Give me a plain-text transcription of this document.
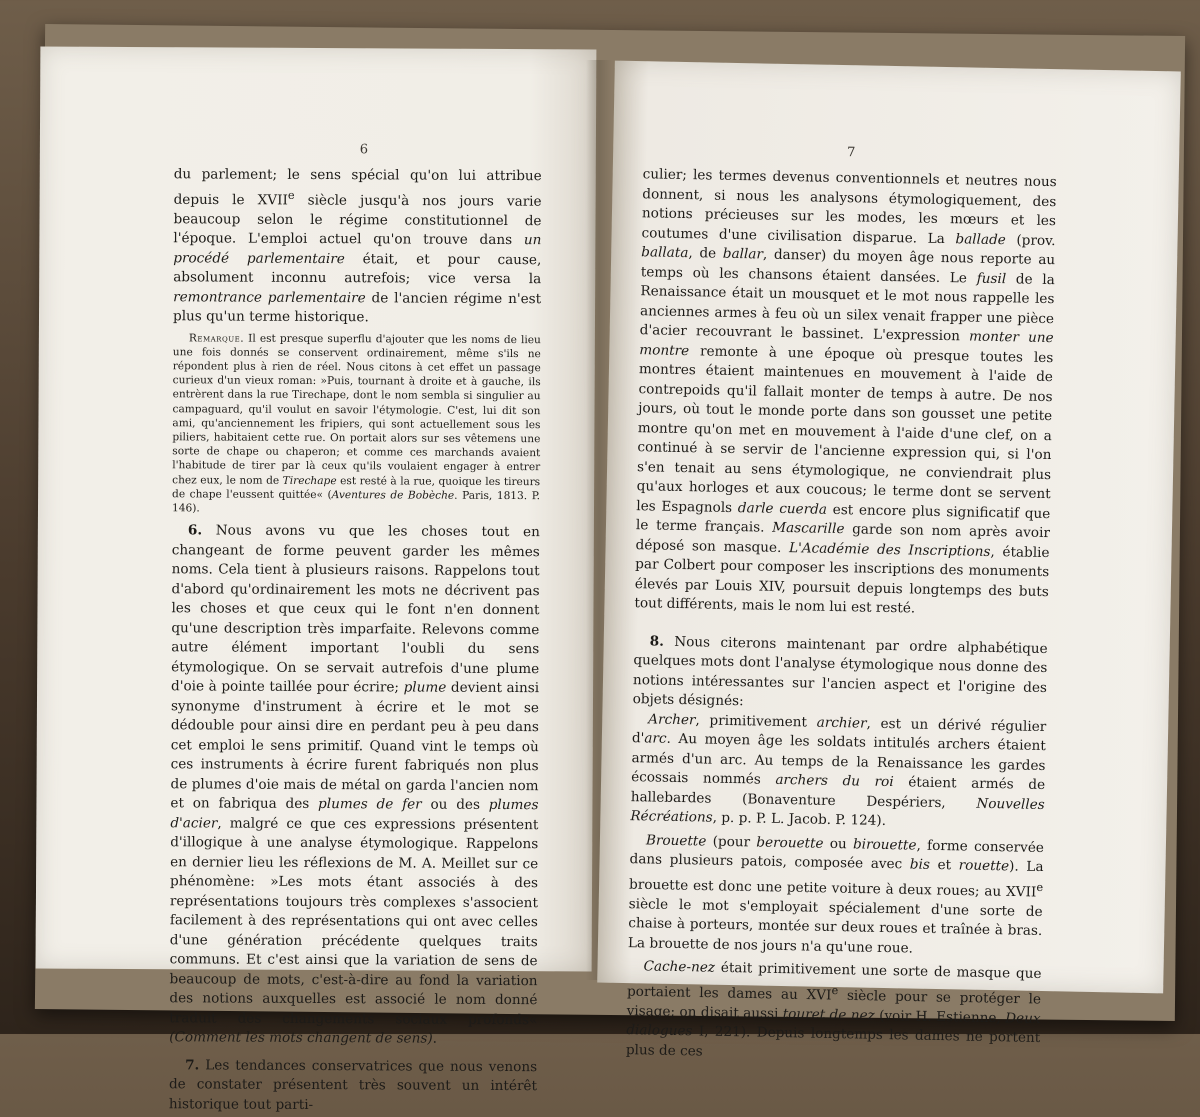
6

du parlement; le sens spécial qu'on lui attribue depuis le XVIIe siècle jusqu'à nos jours varie beaucoup selon le régime constitutionnel de l'époque. L'emploi actuel qu'on trouve dans un procédé parlementaire était, et pour cause, absolument inconnu autrefois; vice versa la remontrance parlementaire de l'ancien régime n'est plus qu'un terme historique.

Remarque. Il est presque superflu d'ajouter que les noms de lieu une fois donnés se conservent ordinairement, même s'ils ne répondent plus à rien de réel. Nous citons à cet effet un passage curieux d'un vieux roman: »Puis, tournant à droite et à gauche, ils entrèrent dans la rue Tirechape, dont le nom sembla si singulier au campaguard, qu'il voulut en savoir l'étymologie. C'est, lui dit son ami, qu'anciennement les fripiers, qui sont actuellement sous les piliers, habitaient cette rue. On portait alors sur ses vêtemens une sorte de chape ou chaperon; et comme ces marchands avaient l'habitude de tirer par là ceux qu'ils voulaient engager à entrer chez eux, le nom de Tirechape est resté à la rue, quoique les tireurs de chape l'eussent quittée« (Aventures de Bobèche. Paris, 1813. P. 146).

6. Nous avons vu que les choses tout en changeant de forme peuvent garder les mêmes noms. Cela tient à plusieurs raisons. Rappelons tout d'abord qu'ordinairement les mots ne décrivent pas les choses et que ceux qui le font n'en donnent qu'une description très imparfaite. Relevons comme autre élément important l'oubli du sens étymologique. On se servait autrefois d'une plume d'oie à pointe taillée pour écrire; plume devient ainsi synonyme d'instrument à écrire et le mot se dédouble pour ainsi dire en perdant peu à peu dans cet emploi le sens primitif. Quand vint le temps où ces instruments à écrire furent fabriqués non plus de plumes d'oie mais de métal on garda l'ancien nom et on fabriqua des plumes de fer ou des plumes d'acier, malgré ce que ces expressions présentent d'illogique à une analyse étymologique. Rappelons en dernier lieu les réflexions de M. A. Meillet sur ce phénomène: »Les mots étant associés à des représentations toujours très complexes s'associent facilement à des représentations qui ont avec celles d'une génération précédente quelques traits communs. Et c'est ainsi que la variation de sens de beaucoup de mots, c'est-à-dire au fond la variation des notions auxquelles est associé le nom donné traduit des changements sociaux profonds« (Comment les mots changent de sens).

7. Les tendances conservatrices que nous venons de constater présentent très souvent un intérêt historique tout parti-

7

culier; les termes devenus conventionnels et neutres nous donnent, si nous les analysons étymologiquement, des notions précieuses sur les modes, les mœurs et les coutumes d'une civilisation disparue. La ballade (prov. ballata, de ballar, danser) du moyen âge nous reporte au temps où les chansons étaient dansées. Le fusil de la Renaissance était un mousquet et le mot nous rappelle les anciennes armes à feu où un silex venait frapper une pièce d'acier recouvrant le bassinet. L'expression monter une montre remonte à une époque où presque toutes les montres étaient maintenues en mouvement à l'aide de contrepoids qu'il fallait monter de temps à autre. De nos jours, où tout le monde porte dans son gousset une petite montre qu'on met en mouvement à l'aide d'une clef, on a continué à se servir de l'ancienne expression qui, si l'on s'en tenait au sens étymologique, ne conviendrait plus qu'aux horloges et aux coucous; le terme dont se servent les Espagnols darle cuerda est encore plus significatif que le terme français. Mascarille garde son nom après avoir déposé son masque. L'Académie des Inscriptions, établie par Colbert pour composer les inscriptions des monuments élevés par Louis XIV, poursuit depuis longtemps des buts tout différents, mais le nom lui est resté.

8. Nous citerons maintenant par ordre alphabétique quelques mots dont l'analyse étymologique nous donne des notions intéressantes sur l'ancien aspect et l'origine des objets désignés:

Archer, primitivement archier, est un dérivé régulier d'arc. Au moyen âge les soldats intitulés archers étaient armés d'un arc. Au temps de la Renaissance les gardes écossais nommés archers du roi étaient armés de hallebardes (Bonaventure Despériers, Nouvelles Récréations, p. p. P. L. Jacob. P. 124).

Brouette (pour berouette ou birouette, forme conservée dans plusieurs patois, composée avec bis et rouette). La brouette est donc une petite voiture à deux roues; au XVIIe siècle le mot s'employait spécialement d'une sorte de chaise à porteurs, montée sur deux roues et traînée à bras. La brouette de nos jours n'a qu'une roue.

Cache-nez était primitivement une sorte de masque que portaient les dames au XVIe siècle pour se protéger le visage; on disait aussi touret de nez (voir H. Estienne, Deux dialogues I, 221). Depuis longtemps les dames ne portent plus de ces
